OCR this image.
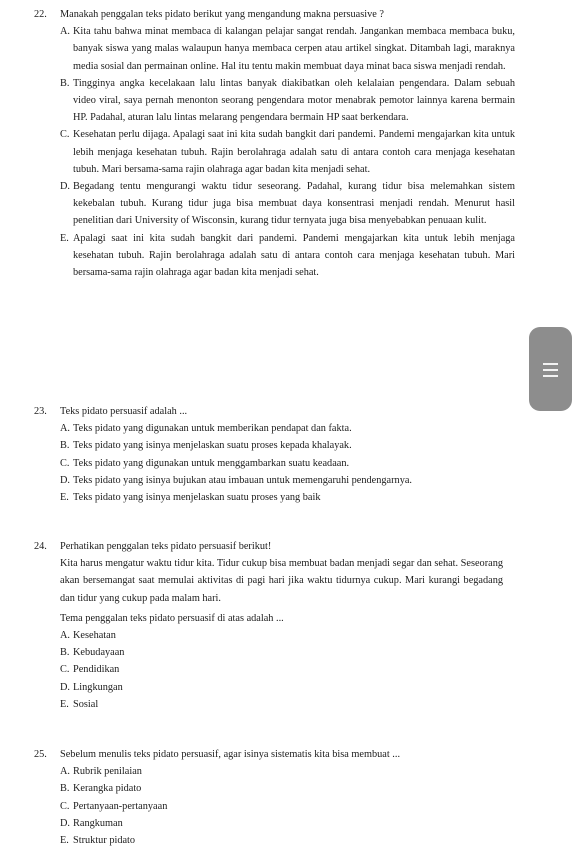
22. Manakah penggalan teks pidato berikut yang mengandung makna persuasive ?
A. Kita tahu bahwa minat membaca di kalangan pelajar sangat rendah. Jangankan membaca membaca buku, banyak siswa yang malas walaupun hanya membaca cerpen atau artikel singkat. Ditambah lagi, maraknya media sosial dan permainan online. Hal itu tentu makin membuat daya minat baca siswa menjadi rendah.
B. Tingginya angka kecelakaan lalu lintas banyak diakibatkan oleh kelalaian pengendara. Dalam sebuah video viral, saya pernah menonton seorang pengendara motor menabrak pemotor lainnya karena bermain HP. Padahal, aturan lalu lintas melarang pengendara bermain HP saat berkendara.
C. Kesehatan perlu dijaga. Apalagi saat ini kita sudah bangkit dari pandemi. Pandemi mengajarkan kita untuk lebih menjaga kesehatan tubuh. Rajin berolahraga adalah satu di antara contoh cara menjaga kesehatan tubuh. Mari bersama-sama rajin olahraga agar badan kita menjadi sehat.
D. Begadang tentu mengurangi waktu tidur seseorang. Padahal, kurang tidur bisa melemahkan sistem kekebalan tubuh. Kurang tidur juga bisa membuat daya konsentrasi menjadi rendah. Menurut hasil penelitian dari University of Wisconsin, kurang tidur ternyata juga bisa menyebabkan penuaan kulit.
E. Apalagi saat ini kita sudah bangkit dari pandemi. Pandemi mengajarkan kita untuk lebih menjaga kesehatan tubuh. Rajin berolahraga adalah satu di antara contoh cara menjaga kesehatan tubuh. Mari bersama-sama rajin olahraga agar badan kita menjadi sehat.
23. Teks pidato persuasif adalah ...
A. Teks pidato yang digunakan untuk memberikan pendapat dan fakta.
B. Teks pidato yang isinya menjelaskan suatu proses kepada khalayak.
C. Teks pidato yang digunakan untuk menggambarkan suatu keadaan.
D. Teks pidato yang isinya bujukan atau imbauan untuk memengaruhi pendengarnya.
E. Teks pidato yang isinya menjelaskan suatu proses yang baik
24. Perhatikan penggalan teks pidato persuasif berikut!
Kita harus mengatur waktu tidur kita. Tidur cukup bisa membuat badan menjadi segar dan sehat. Seseorang akan bersemangat saat memulai aktivitas di pagi hari jika waktu tidurnya cukup. Mari kurangi begadang dan tidur yang cukup pada malam hari.
Tema penggalan teks pidato persuasif di atas adalah ...
A. Kesehatan
B. Kebudayaan
C. Pendidikan
D. Lingkungan
E. Sosial
25. Sebelum menulis teks pidato persuasif, agar isinya sistematis kita bisa membuat ...
A. Rubrik penilaian
B. Kerangka pidato
C. Pertanyaan-pertanyaan
D. Rangkuman
E. Struktur pidato
